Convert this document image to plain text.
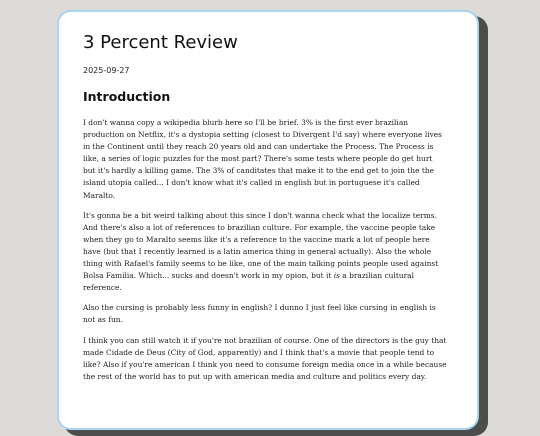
3 Percent Review
2025-09-27
Introduction
I don't wanna copy a wikipedia blurb here so I'll be brief. 3% is the first ever brazilian
production on Netflix, it's a dystopia setting (closest to Divergent I'd say) where everyone lives
in the Continent until they reach 20 years old and can undertake the Process. The Process is
like, a series of logic puzzles for the most part? There's some tests where people do get hurt
but it's hardly a killing game. The 3% of canditates that make it to the end get to join the the
island utopia called... I don't know what it's called in english but in portuguese it's called
Maralto.
It's gonna be a bit weird talking about this since I don't wanna check what the localize terms.
And there's also a lot of references to brazilian culture. For example, the vaccine people take
when they go to Maralto seems like it's a reference to the vaccine mark a lot of people here
have (but that I recently learned is a latin america thing in general actually). Also the whole
thing with Rafael's family seems to be like, one of the main talking points people used against
Bolsa Familia. Which... sucks and doesn't work in my opion, but it is a brazilian cultural
reference.
Also the cursing is probably less funny in english? I dunno I just feel like cursing in english is
not as fun.
I think you can still watch it if you're not brazilian of course. One of the directors is the guy that
made Cidade de Deus (City of God, apparently) and I think that's a movie that people tend to
like? Also if you're american I think you need to consume foreign media once in a while because
the rest of the world has to put up with american media and culture and politics every day.
